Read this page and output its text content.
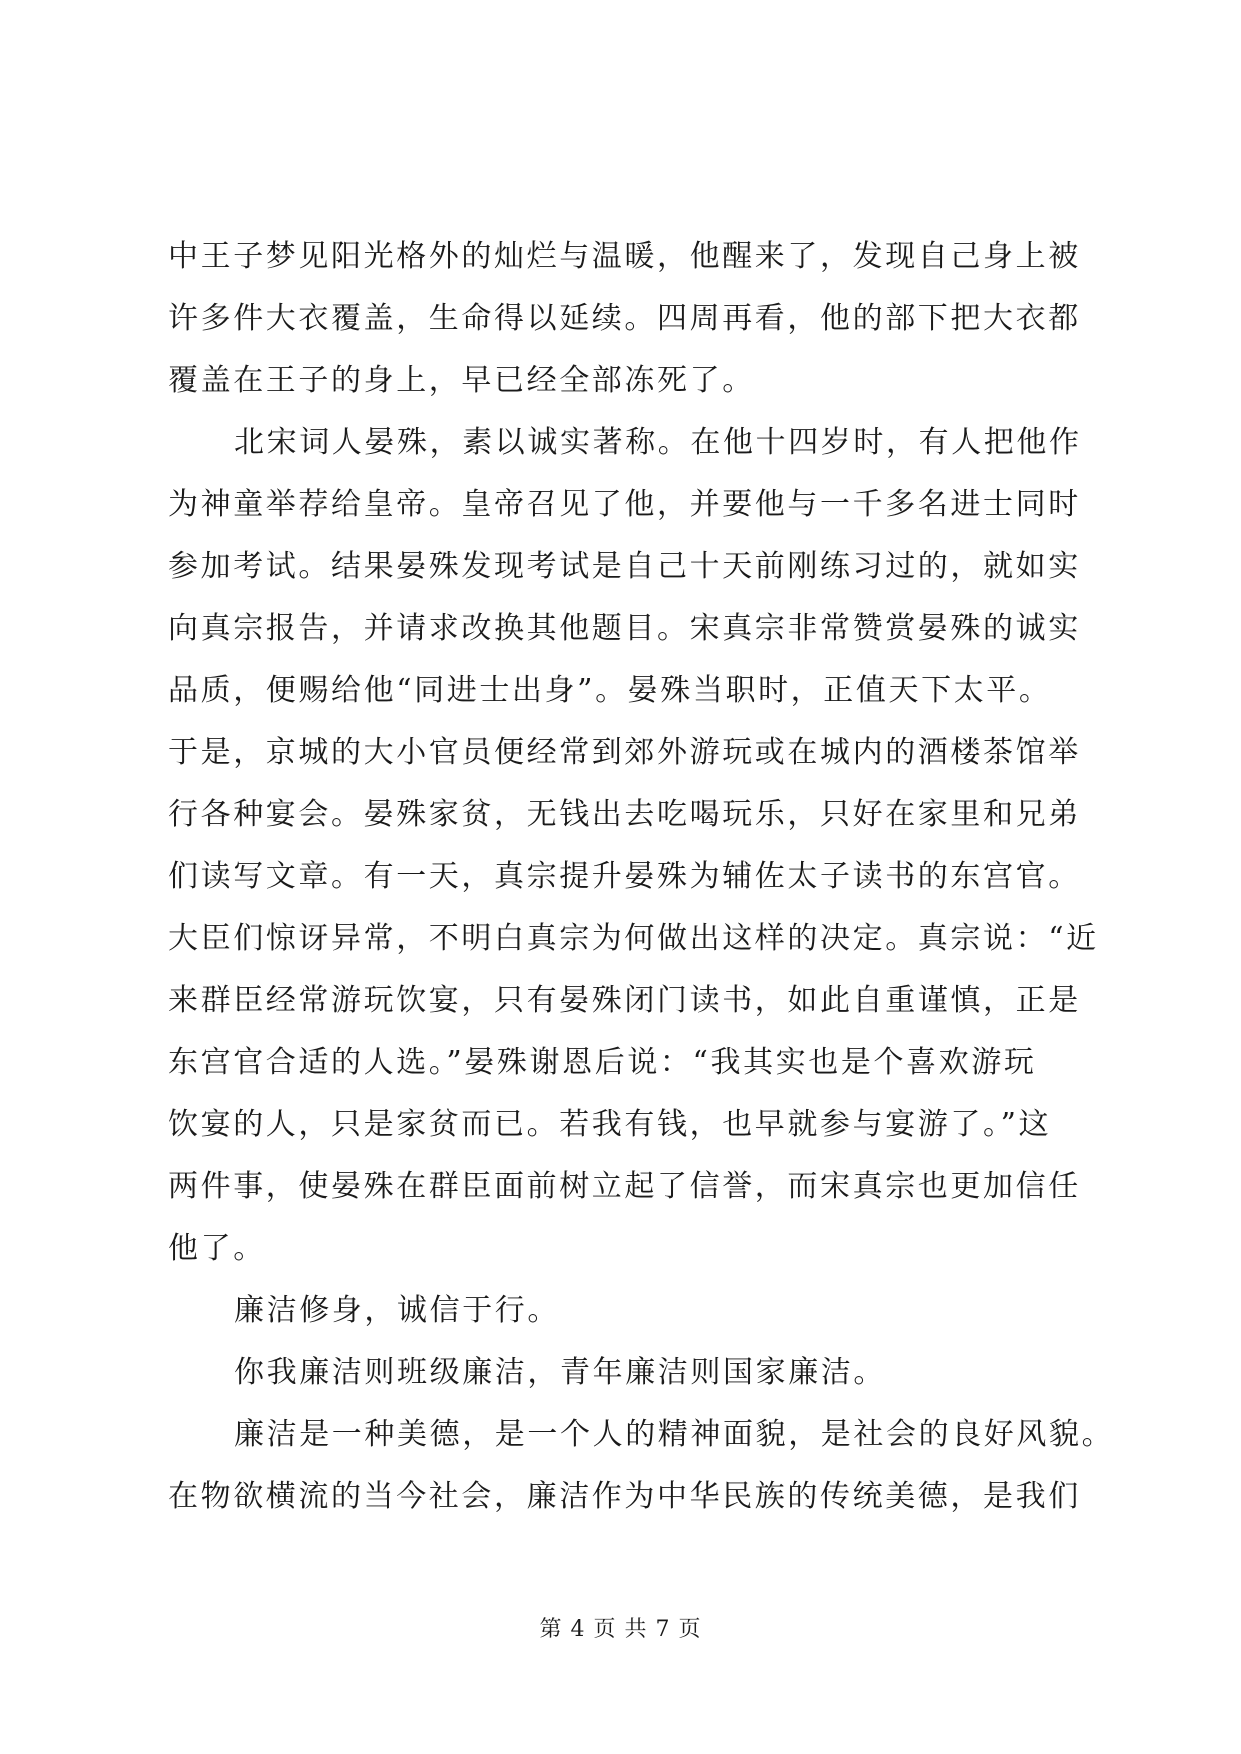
中王子梦见阳光格外的灿烂与温暖，他醒来了，发现自己身上被
许多件大衣覆盖，生命得以延续。四周再看，他的部下把大衣都
覆盖在王子的身上，早已经全部冻死了。
北宋词人晏殊，素以诚实著称。在他十四岁时，有人把他作
为神童举荐给皇帝。皇帝召见了他，并要他与一千多名进士同时
参加考试。结果晏殊发现考试是自己十天前刚练习过的，就如实
向真宗报告，并请求改换其他题目。宋真宗非常赞赏晏殊的诚实
品质，便赐给他“同进士出身”。晏殊当职时，正值天下太平。
于是，京城的大小官员便经常到郊外游玩或在城内的酒楼茶馆举
行各种宴会。晏殊家贫，无钱出去吃喝玩乐，只好在家里和兄弟
们读写文章。有一天，真宗提升晏殊为辅佐太子读书的东宫官。
大臣们惊讶异常，不明白真宗为何做出这样的决定。真宗说：“近
来群臣经常游玩饮宴，只有晏殊闭门读书，如此自重谨慎，正是
东宫官合适的人选。”晏殊谢恩后说：“我其实也是个喜欢游玩
饮宴的人，只是家贫而已。若我有钱，也早就参与宴游了。”这
两件事，使晏殊在群臣面前树立起了信誉，而宋真宗也更加信任
他了。
廉洁修身，诚信于行。
你我廉洁则班级廉洁，青年廉洁则国家廉洁。
廉洁是一种美德，是一个人的精神面貌，是社会的良好风貌。
在物欲横流的当今社会，廉洁作为中华民族的传统美德，是我们
第 4 页 共 7 页
